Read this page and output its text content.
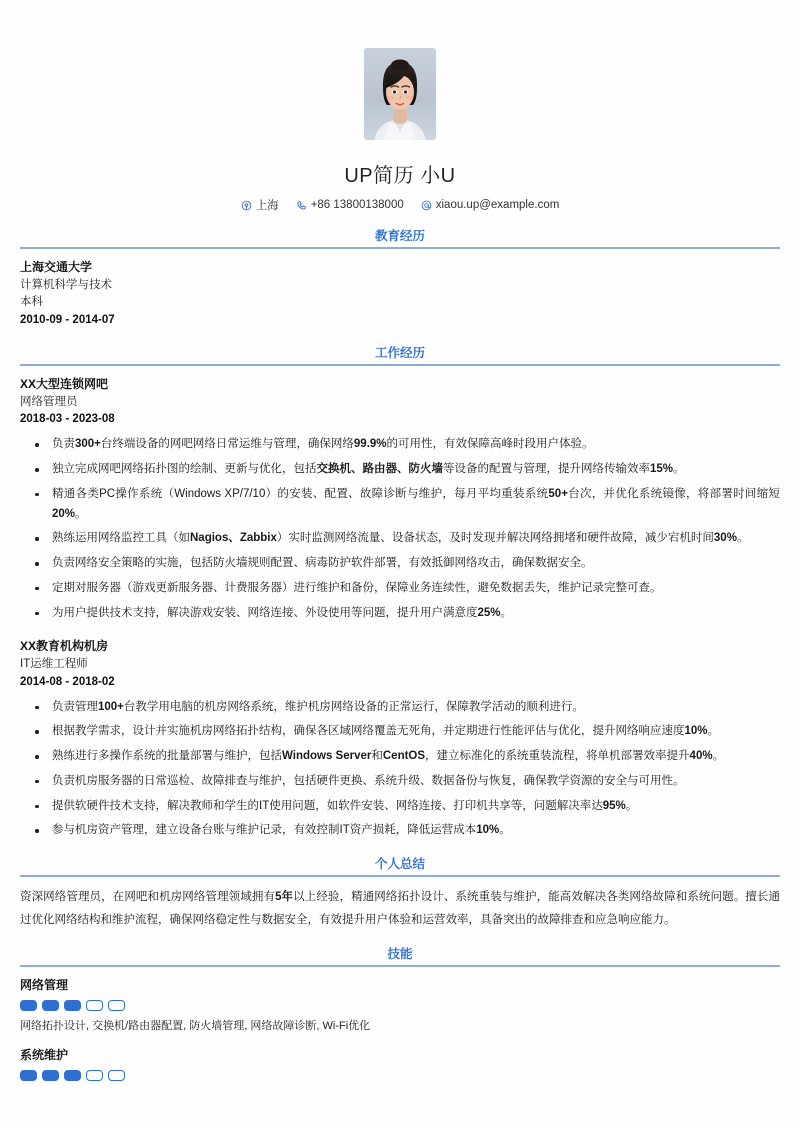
UP简历 小U
上海	+86 13800138000	xiaou.up@example.com
教育经历
上海交通大学
计算机科学与技术
本科
2010-09 - 2014-07
工作经历
XX大型连锁网吧
网络管理员
2018-03 - 2023-08
负责300+台终端设备的网吧网络日常运维与管理，确保网络99.9%的可用性，有效保障高峰时段用户体验。
独立完成网吧网络拓扑图的绘制、更新与优化，包括交换机、路由器、防火墙等设备的配置与管理，提升网络传输效率15%。
精通各类PC操作系统（Windows XP/7/10）的安装、配置、故障诊断与维护，每月平均重装系统50+台次，并优化系统镜像，将部署时间缩短20%。
熟练运用网络监控工具（如Nagios、Zabbix）实时监测网络流量、设备状态，及时发现并解决网络拥堵和硬件故障，减少宕机时间30%。
负责网络安全策略的实施，包括防火墙规则配置、病毒防护软件部署，有效抵御网络攻击，确保数据安全。
定期对服务器（游戏更新服务器、计费服务器）进行维护和备份，保障业务连续性，避免数据丢失，维护记录完整可查。
为用户提供技术支持，解决游戏安装、网络连接、外设使用等问题，提升用户满意度25%。
XX教育机构机房
IT运维工程师
2014-08 - 2018-02
负责管理100+台教学用电脑的机房网络系统，维护机房网络设备的正常运行，保障教学活动的顺利进行。
根据教学需求，设计并实施机房网络拓扑结构，确保各区域网络覆盖无死角，并定期进行性能评估与优化，提升网络响应速度10%。
熟练进行多操作系统的批量部署与维护，包括Windows Server和CentOS，建立标准化的系统重装流程，将单机部署效率提升40%。
负责机房服务器的日常巡检、故障排查与维护，包括硬件更换、系统升级、数据备份与恢复，确保教学资源的安全与可用性。
提供软硬件技术支持，解决教师和学生的IT使用问题，如软件安装、网络连接、打印机共享等，问题解决率达95%。
参与机房资产管理，建立设备台账与维护记录，有效控制IT资产损耗，降低运营成本10%。
个人总结
资深网络管理员，在网吧和机房网络管理领域拥有5年以上经验，精通网络拓扑设计、系统重装与维护，能高效解决各类网络故障和系统问题。擅长通过优化网络结构和维护流程，确保网络稳定性与数据安全，有效提升用户体验和运营效率，具备突出的故障排查和应急响应能力。
技能
网络管理
网络拓扑设计, 交换机/路由器配置, 防火墙管理, 网络故障诊断, Wi-Fi优化
系统维护
